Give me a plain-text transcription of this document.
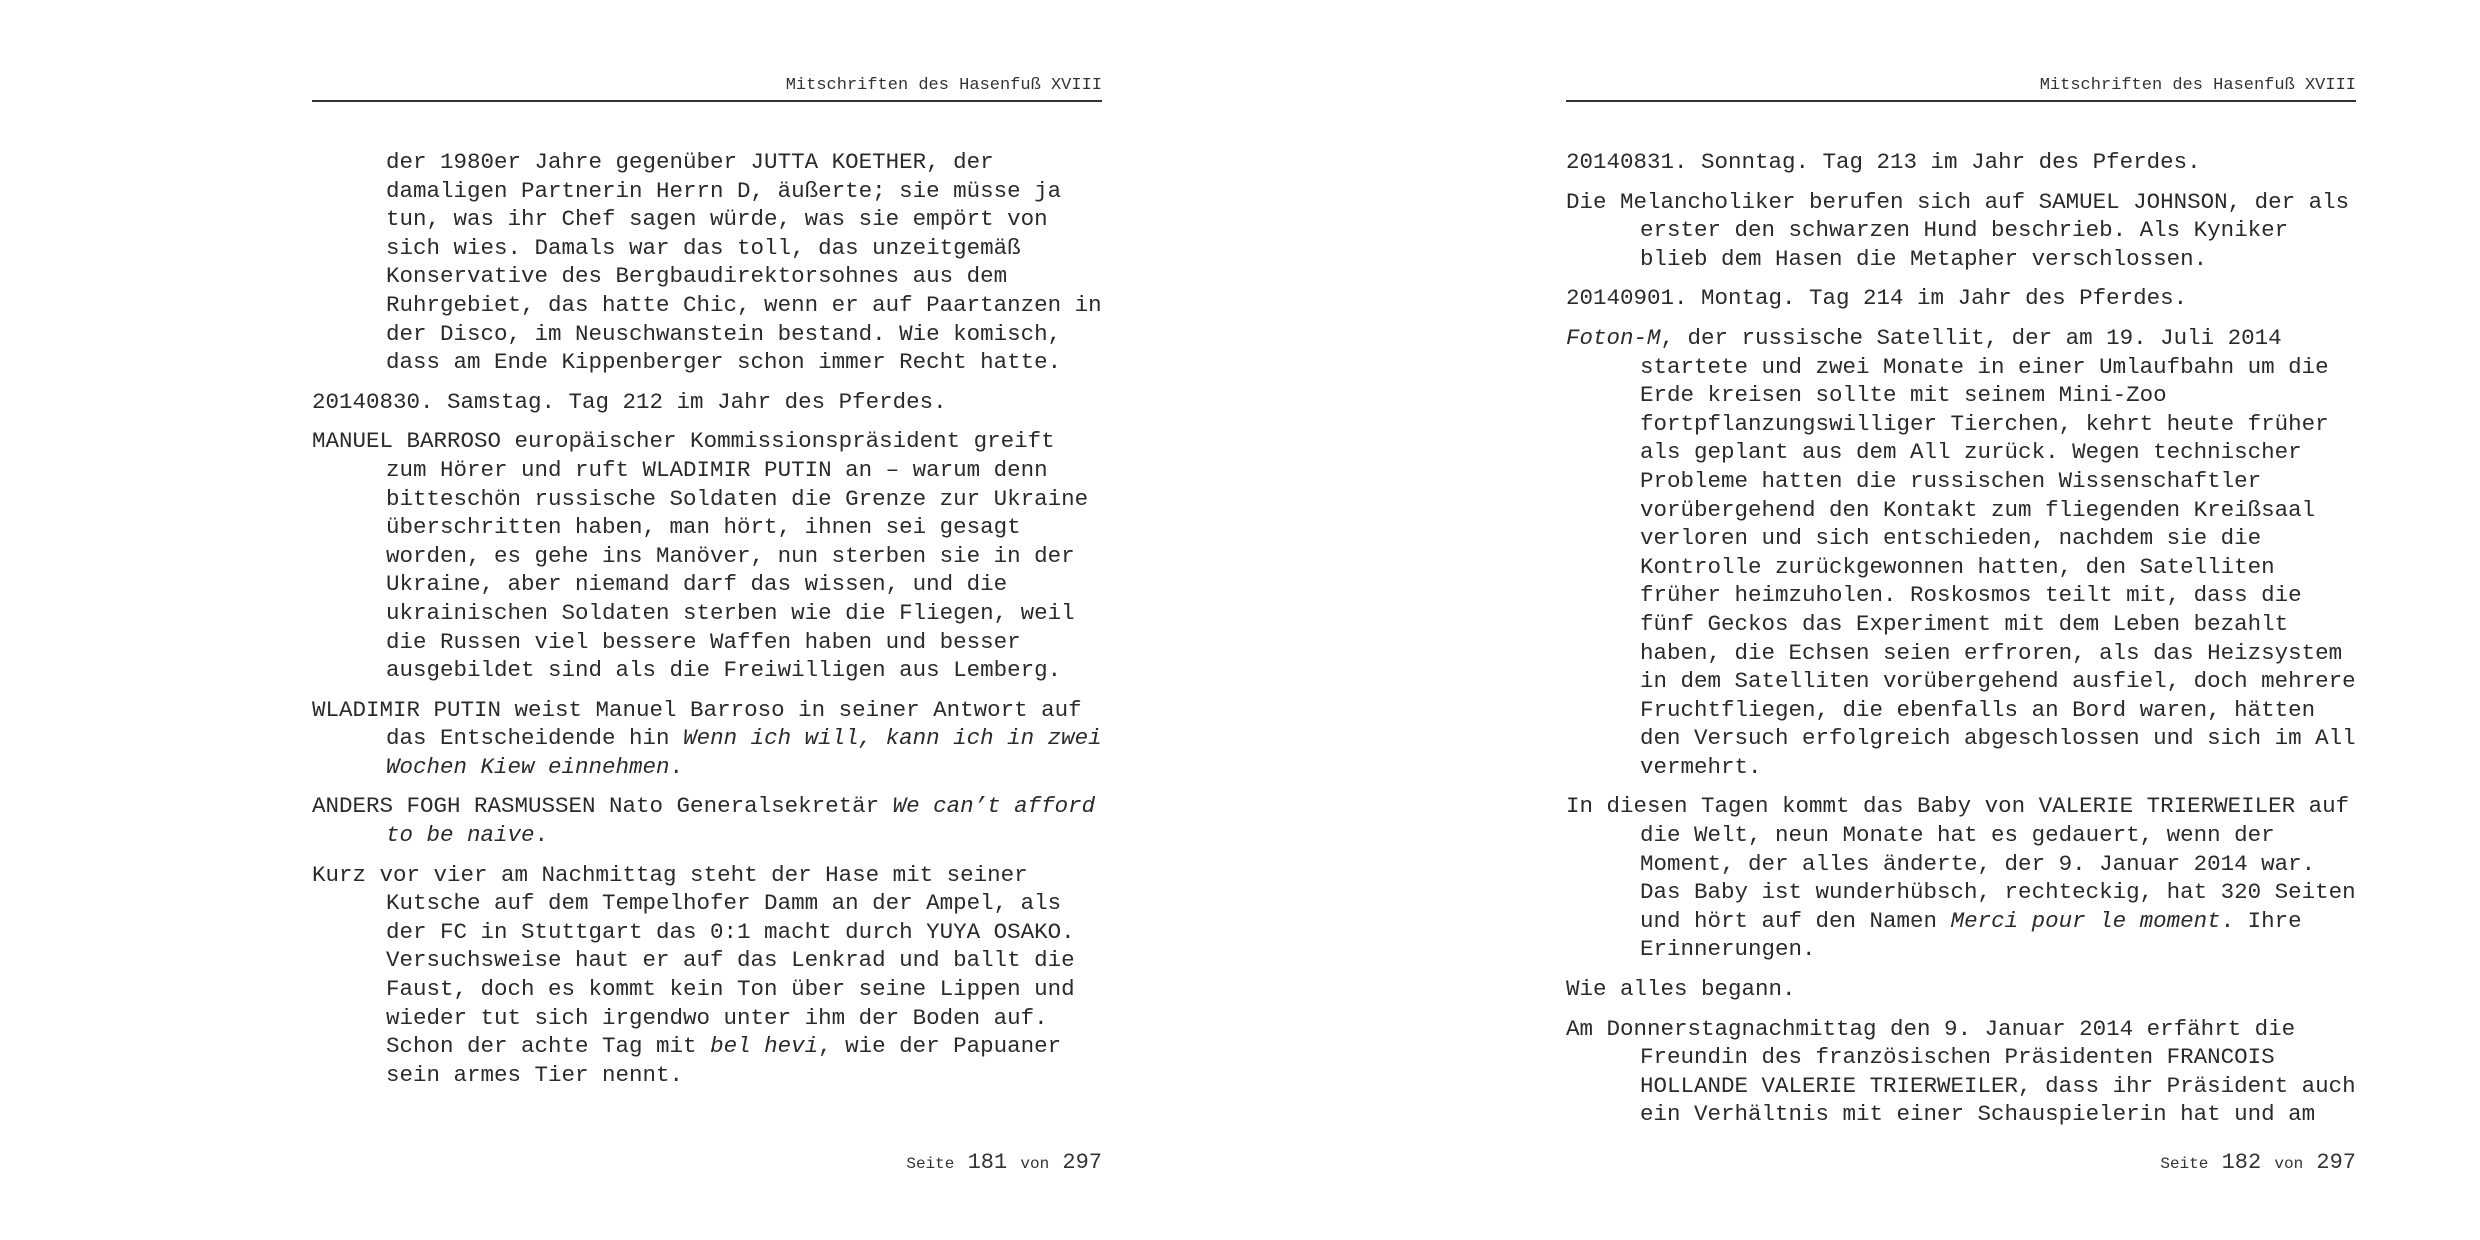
Mitschriften des Hasenfuß XVIII

der 1980er Jahre gegenüber JUTTA KOETHER, der damaligen Partnerin Herrn D, äußerte; sie müsse ja tun, was ihr Chef sagen würde, was sie empört von sich wies. Damals war das toll, das unzeitgemäß Konservative des Bergbaudirektorsohnes aus dem Ruhrgebiet, das hatte Chic, wenn er auf Paartanzen in der Disco, im Neuschwanstein bestand. Wie komisch, dass am Ende Kippenberger schon immer Recht hatte.

20140830. Samstag. Tag 212 im Jahr des Pferdes.

MANUEL BARROSO europäischer Kommissionspräsident greift zum Hörer und ruft WLADIMIR PUTIN an – warum denn bitteschön russische Soldaten die Grenze zur Ukraine überschritten haben, man hört, ihnen sei gesagt worden, es gehe ins Manöver, nun sterben sie in der Ukraine, aber niemand darf das wissen, und die ukrainischen Soldaten sterben wie die Fliegen, weil die Russen viel bessere Waffen haben und besser ausgebildet sind als die Freiwilligen aus Lemberg.

WLADIMIR PUTIN weist Manuel Barroso in seiner Antwort auf das Entscheidende hin Wenn ich will, kann ich in zwei Wochen Kiew einnehmen.

ANDERS FOGH RASMUSSEN Nato Generalsekretär We can’t afford to be naive.

Kurz vor vier am Nachmittag steht der Hase mit seiner Kutsche auf dem Tempelhofer Damm an der Ampel, als der FC in Stuttgart das 0:1 macht durch YUYA OSAKO. Versuchsweise haut er auf das Lenkrad und ballt die Faust, doch es kommt kein Ton über seine Lippen und wieder tut sich irgendwo unter ihm der Boden auf. Schon der achte Tag mit bel hevi, wie der Papuaner sein armes Tier nennt.

Seite 181 von 297
Mitschriften des Hasenfuß XVIII

20140831. Sonntag. Tag 213 im Jahr des Pferdes.

Die Melancholiker berufen sich auf SAMUEL JOHNSON, der als erster den schwarzen Hund beschrieb. Als Kyniker blieb dem Hasen die Metapher verschlossen.

20140901. Montag. Tag 214 im Jahr des Pferdes.

Foton-M, der russische Satellit, der am 19. Juli 2014 startete und zwei Monate in einer Umlaufbahn um die Erde kreisen sollte mit seinem Mini-Zoo fortpflanzungswilliger Tierchen, kehrt heute früher als geplant aus dem All zurück. Wegen technischer Probleme hatten die russischen Wissenschaftler vorübergehend den Kontakt zum fliegenden Kreißsaal verloren und sich entschieden, nachdem sie die Kontrolle zurückgewonnen hatten, den Satelliten früher heimzuholen. Roskosmos teilt mit, dass die fünf Geckos das Experiment mit dem Leben bezahlt haben, die Echsen seien erfroren, als das Heizsystem in dem Satelliten vorübergehend ausfiel, doch mehrere Fruchtfliegen, die ebenfalls an Bord waren, hätten den Versuch erfolgreich abgeschlossen und sich im All vermehrt.

In diesen Tagen kommt das Baby von VALERIE TRIERWEILER auf die Welt, neun Monate hat es gedauert, wenn der Moment, der alles änderte, der 9. Januar 2014 war. Das Baby ist wunderhübsch, rechteckig, hat 320 Seiten und hört auf den Namen Merci pour le moment. Ihre Erinnerungen.

Wie alles begann.

Am Donnerstagnachmittag den 9. Januar 2014 erfährt die Freundin des französischen Präsidenten FRANCOIS HOLLANDE VALERIE TRIERWEILER, dass ihr Präsident auch ein Verhältnis mit einer Schauspielerin hat und am

Seite 182 von 297
